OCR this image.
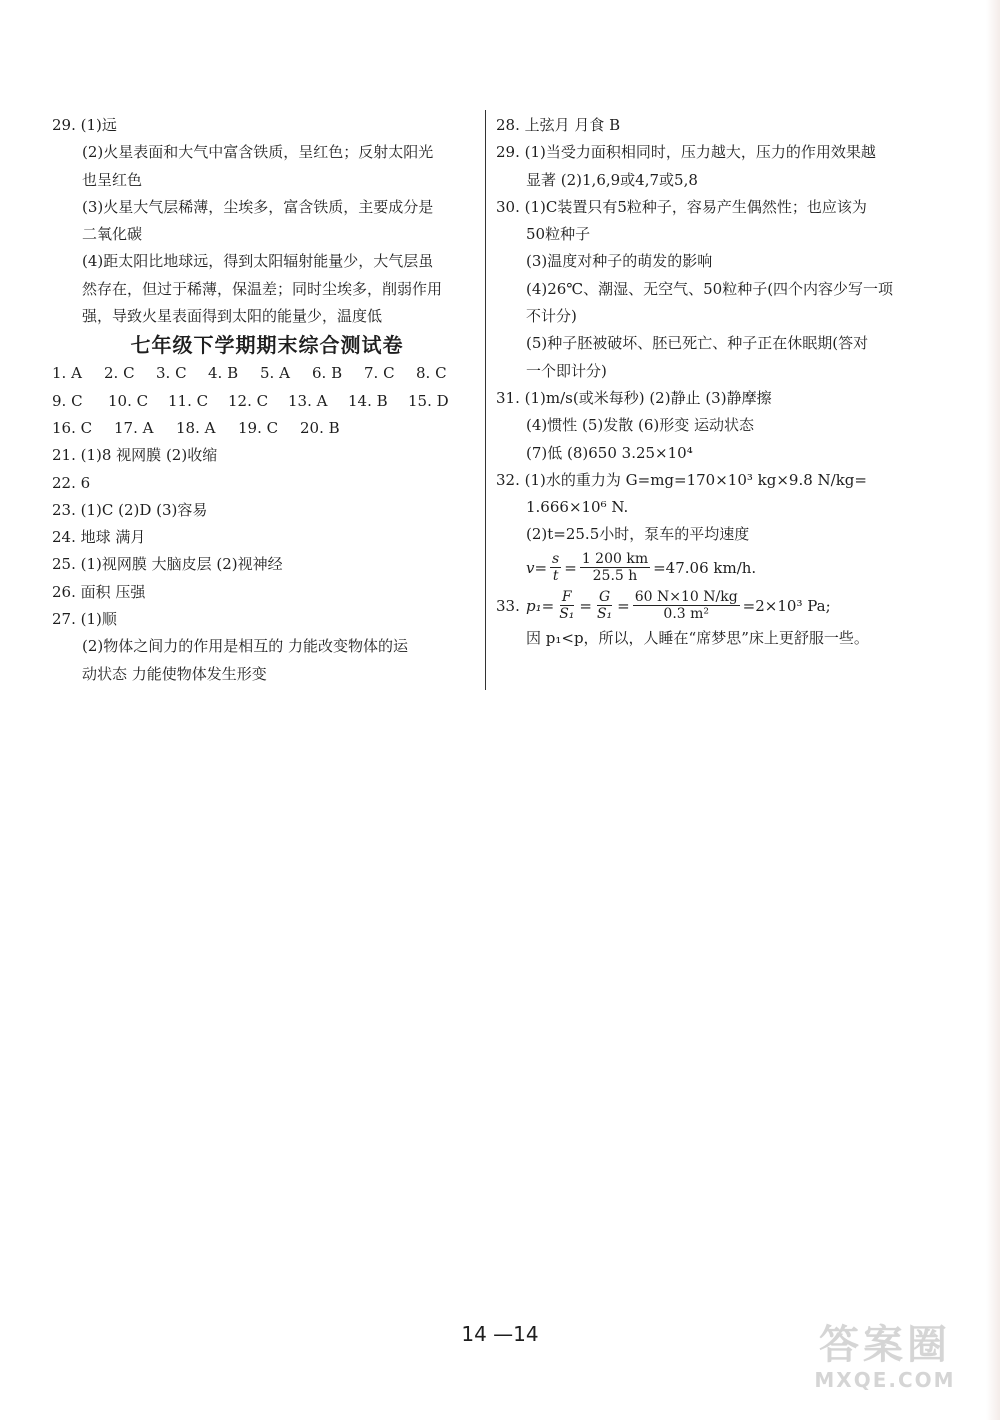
29. (1)远
(2)火星表面和大气中富含铁质，呈红色；反射太阳光
也呈红色
(3)火星大气层稀薄，尘埃多，富含铁质，主要成分是
二氧化碳
(4)距太阳比地球远，得到太阳辐射能量少，大气层虽
然存在，但过于稀薄，保温差；同时尘埃多，削弱作用
强，导致火星表面得到太阳的能量少，温度低
七年级下学期期末综合测试卷
1. A	2. C	3. C	4. B	5. A	6. B	7. C	8. C
9. C	10. C	11. C	12. C	13. A	14. B	15. D
16. C	17. A	18. A	19. C	20. B
21. (1)8 视网膜 (2)收缩
22. 6
23. (1)C (2)D (3)容易
24. 地球 满月
25. (1)视网膜 大脑皮层 (2)视神经
26. 面积 压强
27. (1)顺
(2)物体之间力的作用是相互的 力能改变物体的运
动状态 力能使物体发生形变
28. 上弦月 月食 B
29. (1)当受力面积相同时，压力越大，压力的作用效果越
显著 (2)1,6,9或4,7或5,8
30. (1)C装置只有5粒种子，容易产生偶然性；也应该为
50粒种子
(3)温度对种子的萌发的影响
(4)26℃、潮湿、无空气、50粒种子(四个内容少写一项
不计分)
(5)种子胚被破坏、胚已死亡、种子正在休眠期(答对
一个即计分)
31. (1)m/s(或米每秒) (2)静止 (3)静摩擦
(4)惯性 (5)发散 (6)形变 运动状态
(7)低 (8)650 3.25×10⁴
32. (1)水的重力为 G=mg=170×10³ kg×9.8 N/kg=
1.666×10⁶ N.
(2)t=25.5小时，泵车的平均速度
$v= \frac{s}{t} = \frac{1 200 km}{25.5 h} =47.06$ km/h.
33. $p_1= \frac{F}{\text{S₁}} = \frac{G}{\text{S₁}} = \frac{60 N\times 10 N/kg}{\text{0.3 m²}} =2\times 10^3$ Pa;
因 p₁<p，所以，人睡在“席梦思”床上更舒服一些。
14 —14	答案圈
MXQE.COM
